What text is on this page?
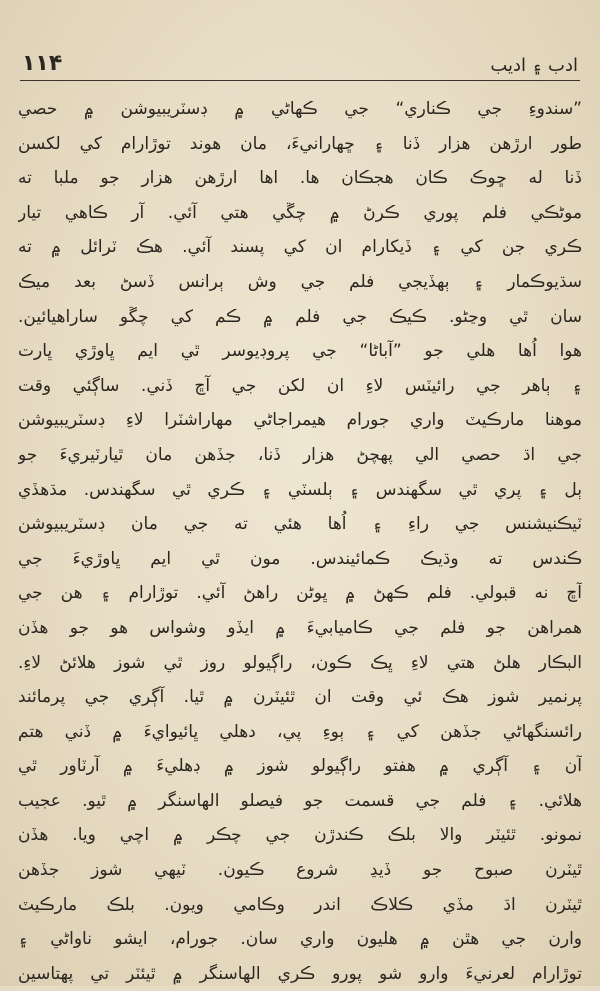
۱۱۴	ادب ۽ اديب
”سندوءِ جي ڪناري“ جي ڪهاڻي ۾ ڊسٽريبيوشن ۾ حصي
طور ارڙهن هزار ڏنا ۽ ڇهارانيءَ، مان هوند توڙارام کي لکسن
ڏنا له ڇوڪ ڪان هجڪان ها. اها ارڙهن هزار جو ملبا ته
موڻڪي فلم پوري ڪرڻ ۾ چڱي هتي آئي. آر ڪاهي تيار
ڪري جن کي ۽ ڏيکارام ان کي پسند آئي. هڪ ٽرائل ۾ ته
سڌيوڪمار ۽ ٻهڏيجي فلم جي وش ٻرانس ڏسڻ بعد ميڪ
سان ٿي وڃڻو. ڪيڪ جي فلم ۾ ڪم کي چڱو ساراهيائين.
هوا اُها هلي جو ”آباڻا“ جي پروڊيوسر ٿي ايم ڀاوڙي ڀارت
۽ ٻاهر جي رائيٽس لاءِ ان لکن جي آڇ ڏني. ساڳئي وقت
موهنا مارڪيٽ واري جورام هيمراجاڻي مهاراشٽرا لاءِ ڊسٽريبيوشن
جي اڌ حصي الي پهچڻ هزار ڏنا، جڏهن مان ٿيارٽيريءَ جو
ٻل ۽ پري ٿي سگهندس ۽ ٻلسٽي ۽ ڪري ٿي سگهندس. مڌهڏي
ٽيڪنيشنس جي راءِ ۽ اُها هئي ته جي مان ڊسٽريبيوشن
ڪندس ته وڌيڪ ڪمائيندس. مون ٿي ايم ڀاوڙيءَ جي
آڇ نه قبولي. فلم ڪهڻ ۾ ڀوڻن راهڻ آئي. توڙارام ۽ هن جي
همراهن جو فلم جي ڪاميابيءَ ۾ ايڏو وشواس هو جو هڏن
البڪار هلڻ هتي لاءِ ڀڪ ڪون، راڳيولو روز ٿي شوز هلائڻ لاءِ.
پرنمير شوز هڪ ئي وقت ان ٿئيٽرن ۾ ٿيا. آڳري جي پرمائند
رائسنگهاڻي جڏهن کي ۽ ٻوءِ پي، دهلي ڀائيوايءَ ۾ ڏني هتم
آن ۽ آڳري ۾ هفتو راڳيولو شوز ۾ ڊهليءَ ۾ آرٽاور ٿي
هلائي. ۽ فلم جي قسمت جو فيصلو الهاسنگر ۾ ٿيو. عجيب
نمونو. ٿئيٽر والا بلڪ ڪندڙن جي چڪر ۾ اچي ويا. هڏن
ٿيٽرن صبوح جو ڏيڍ شروع ڪيون. ٽيهي شوز جڏهن
ٿيٽرن اڌ مڏي ڪلاڪ اندر وڪامي ويون. بلڪ مارڪيٽ
وارن جي هٿن ۾ هليون واري سان. جورام، ايشو ناواڻي ۽
توڙارام لعرنيءَ وارو شو پورو ڪري الهاسنگر ۾ ٿيئٽر تي پهتاسين
